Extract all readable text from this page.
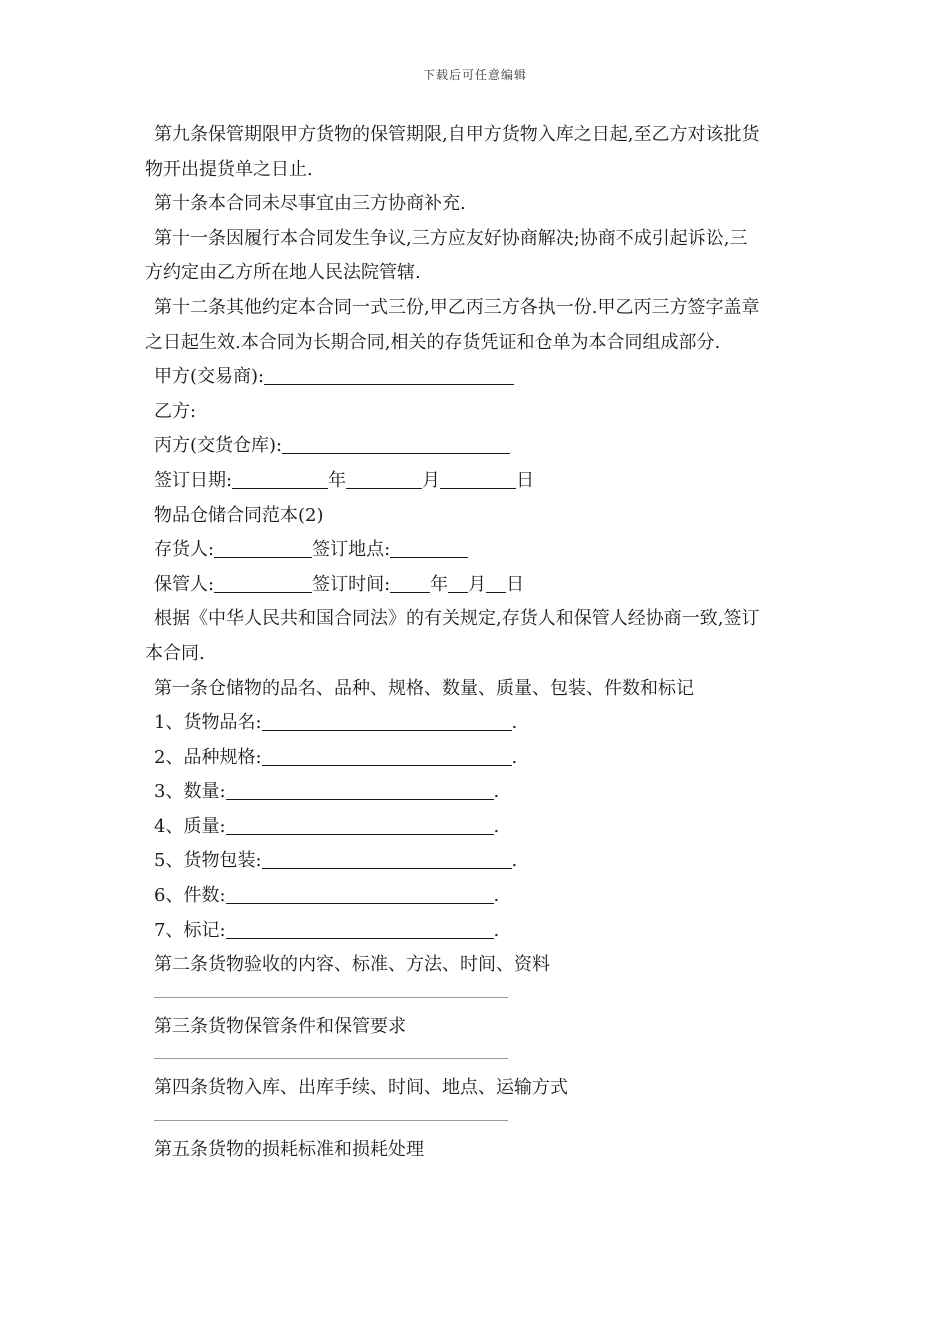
下载后可任意编辑

第九条保管期限甲方货物的保管期限,自甲方货物入库之日起,至乙方对该批货

物开出提货单之日止.

第十条本合同未尽事宜由三方协商补充.

第十一条因履行本合同发生争议,三方应友好协商解决;协商不成引起诉讼,三

方约定由乙方所在地人民法院管辖.

第十二条其他约定本合同一式三份,甲乙丙三方各执一份.甲乙丙三方签字盖章

之日起生效.本合同为长期合同,相关的存货凭证和仓单为本合同组成部分.

甲方(交易商):

乙方:

丙方(交货仓库):

签订日期:	年	月	日

物品仓储合同范本(2)

存货人:	签订地点:

保管人:	签订时间: 年 月 日

根据《中华人民共和国合同法》的有关规定,存货人和保管人经协商一致,签订

本合同.

第一条仓储物的品名、品种、规格、数量、质量、包装、件数和标记

1、货物品名:	.

2、品种规格:	.

3、数量:	.

4、质量:	.

5、货物包装:	.

6、件数:	.

7、标记:	.

第二条货物验收的内容、标准、方法、时间、资料

第三条货物保管条件和保管要求

第四条货物入库、出库手续、时间、地点、运输方式

第五条货物的损耗标准和损耗处理
